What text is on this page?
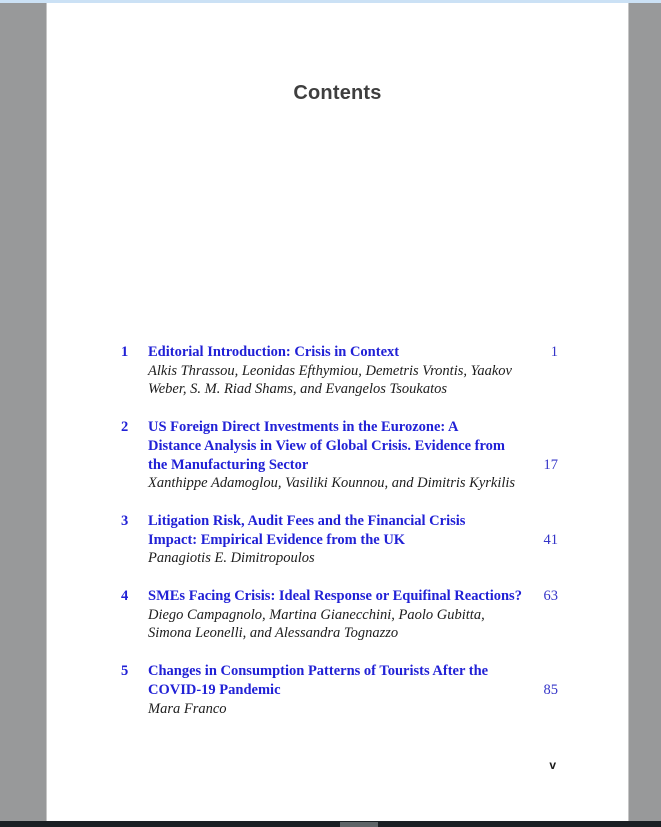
Contents
1	Editorial Introduction: Crisis in Context	1
Alkis Thrassou, Leonidas Efthymiou, Demetris Vrontis, Yaakov
Weber, S. M. Riad Shams, and Evangelos Tsoukatos
2	US Foreign Direct Investments in the Eurozone: A
Distance Analysis in View of Global Crisis. Evidence from
the Manufacturing Sector	17
Xanthippe Adamoglou, Vasiliki Kounnou, and Dimitris Kyrkilis
3	Litigation Risk, Audit Fees and the Financial Crisis
Impact: Empirical Evidence from the UK	41
Panagiotis E. Dimitropoulos
4	SMEs Facing Crisis: Ideal Response or Equifinal Reactions? 63
Diego Campagnolo, Martina Gianecchini, Paolo Gubitta,
Simona Leonelli, and Alessandra Tognazzo
5	Changes in Consumption Patterns of Tourists After the
COVID-19 Pandemic	85
Mara Franco
v
